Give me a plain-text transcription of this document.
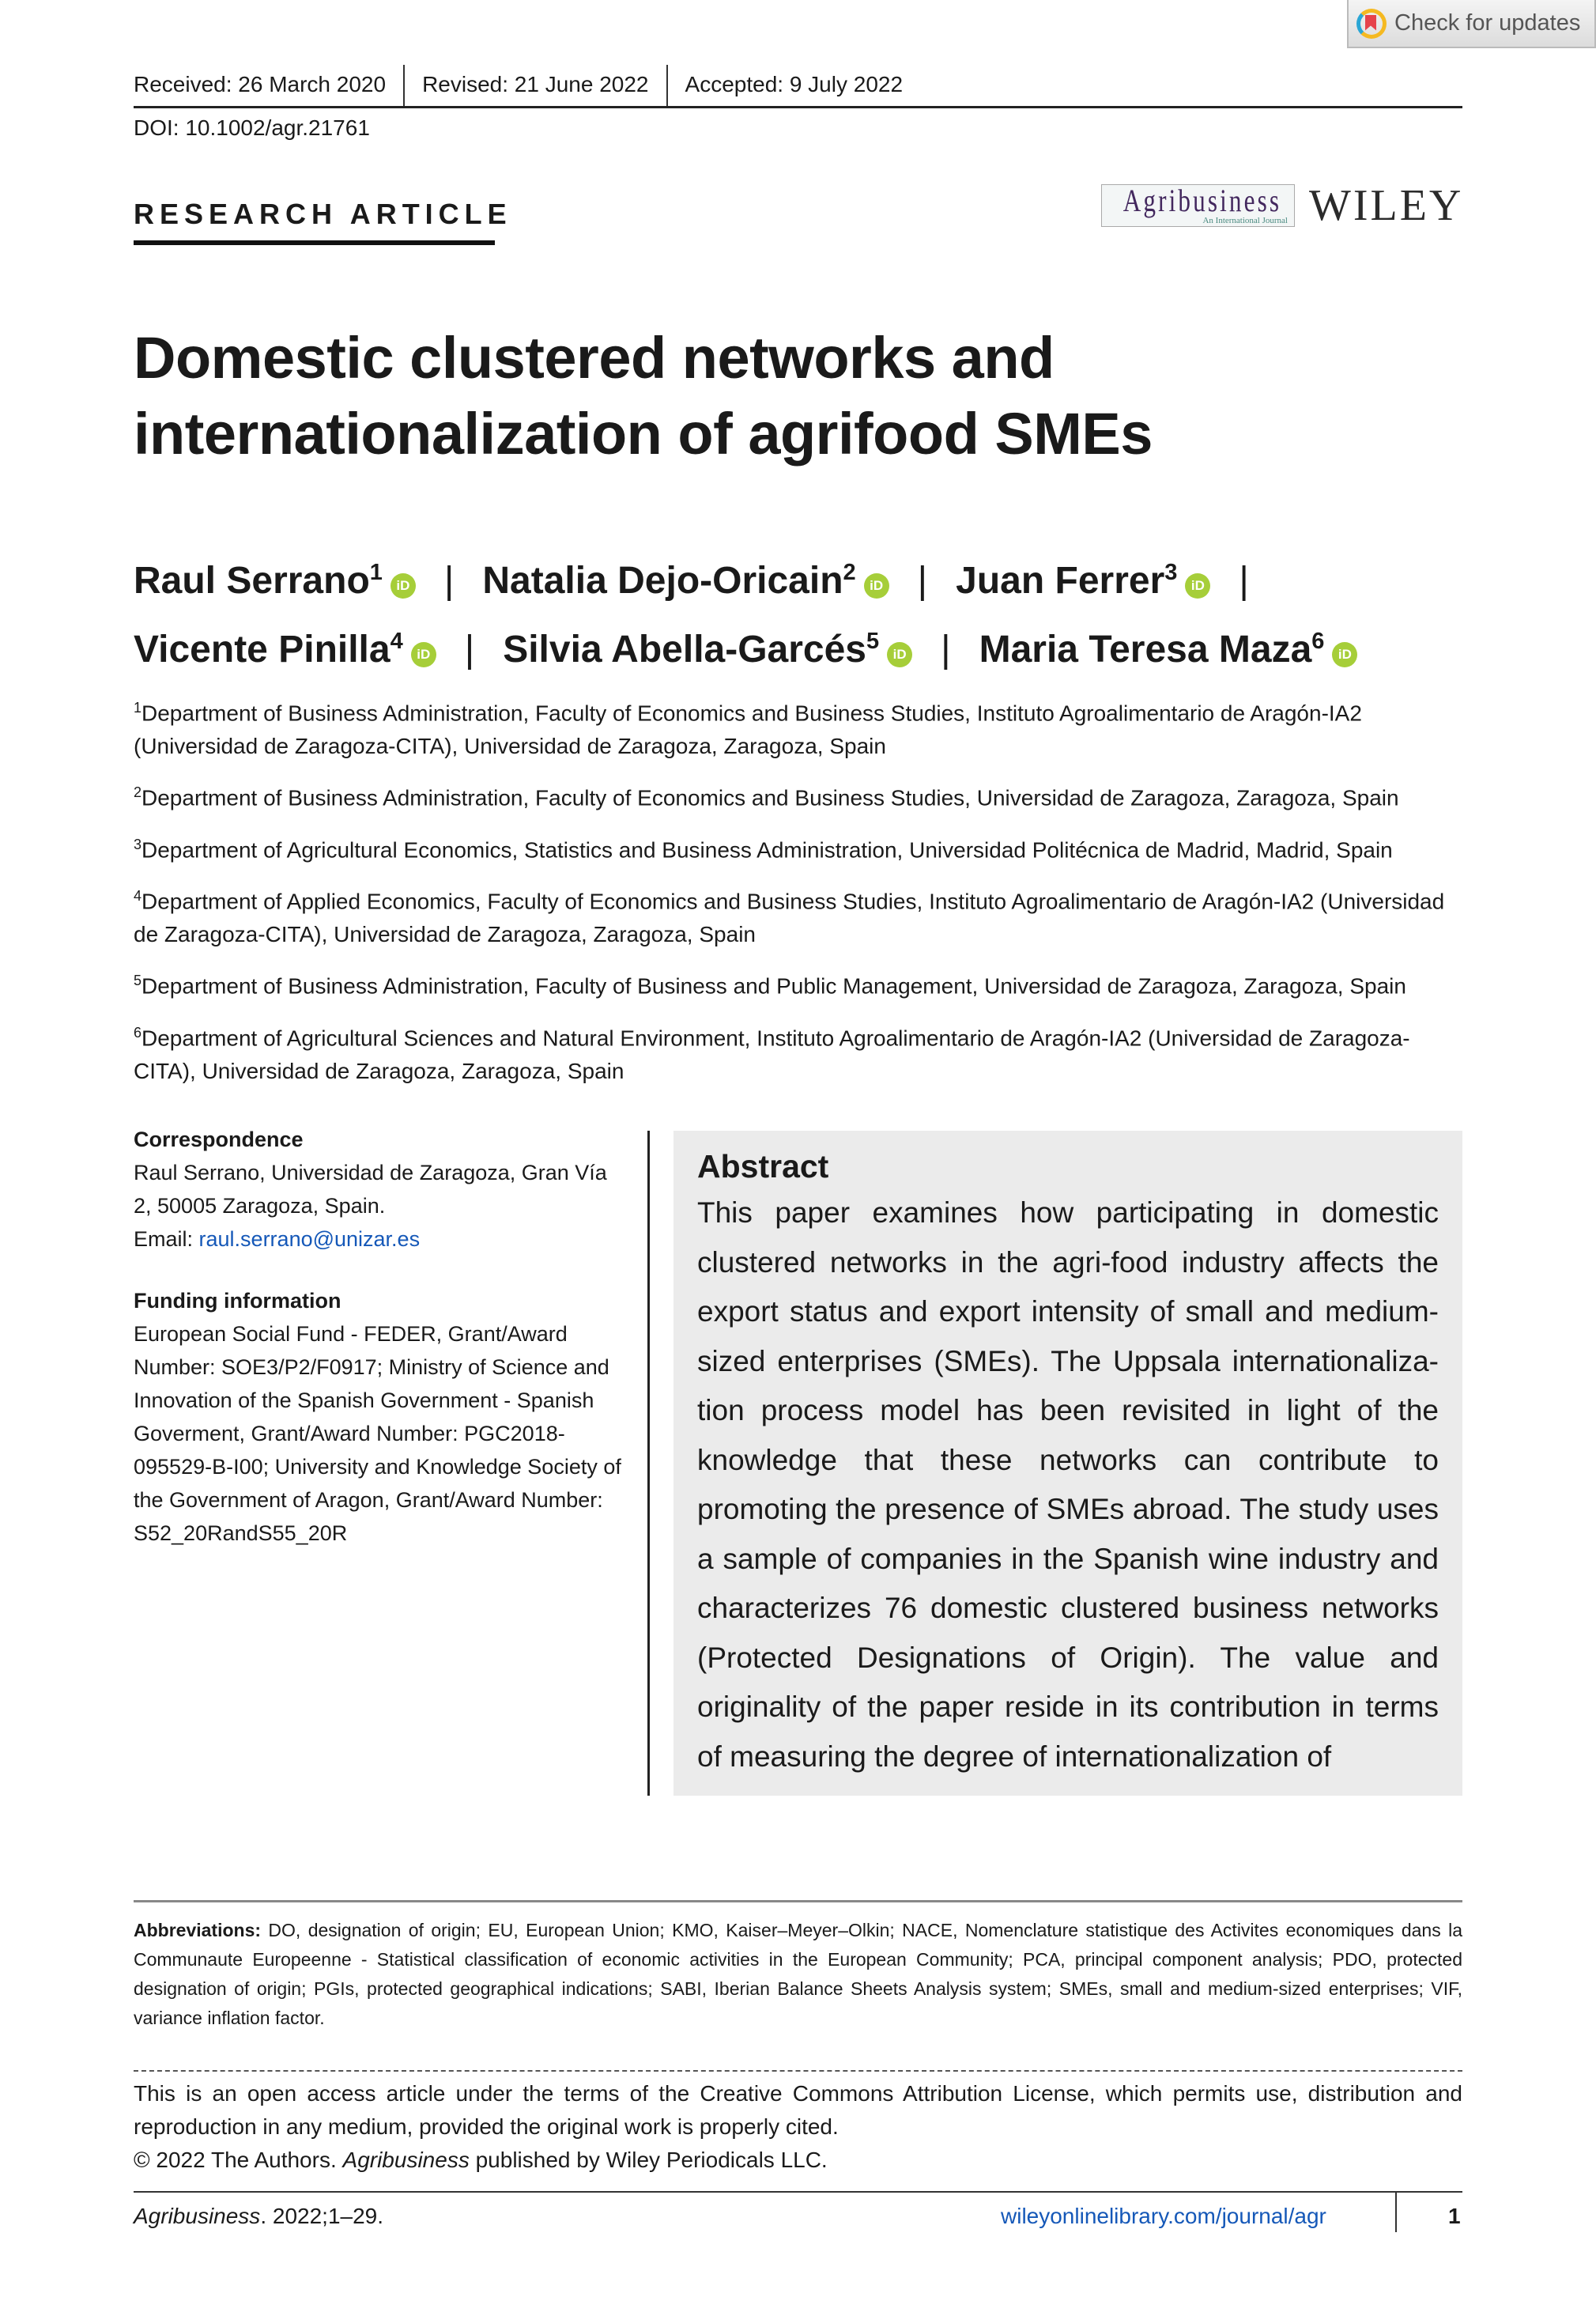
Check for updates
Received: 26 March 2020	Revised: 21 June 2022	Accepted: 9 July 2022
DOI: 10.1002/agr.21761
RESEARCH ARTICLE	Agribusiness
An International Journal WILEY
Domestic clustered networks and
internationalization of agrifood SMEs
Raul Serrano$^1$iD | Natalia Dejo-Oricain$^2$iD | Juan Ferrer$^3$iD |
Vicente Pinilla$^4$iD | Silvia Abella-Garcés$^5$iD | Maria Teresa Maza$^6$iD

$^1$Department of Business Administration, Faculty of Economics and Business Studies, Instituto Agroalimentario de Aragón-IA2 (Universidad de Zaragoza-CITA), Universidad de Zaragoza, Zaragoza, Spain

$^2$Department of Business Administration, Faculty of Economics and Business Studies, Universidad de Zaragoza, Zaragoza, Spain

$^3$Department of Agricultural Economics, Statistics and Business Administration, Universidad Politécnica de Madrid, Madrid, Spain

$^4$Department of Applied Economics, Faculty of Economics and Business Studies, Instituto Agroalimentario de Aragón-IA2 (Universidad de Zaragoza-CITA), Universidad de Zaragoza, Zaragoza, Spain

$^5$Department of Business Administration, Faculty of Business and Public Management, Universidad de Zaragoza, Zaragoza, Spain

$^6$Department of Agricultural Sciences and Natural Environment, Instituto Agroalimentario de Aragón-IA2 (Universidad de Zaragoza-CITA), Universidad de Zaragoza, Zaragoza, Spain

Correspondence

Raul Serrano, Universidad de Zaragoza, Gran Vía 2, 50005 Zaragoza, Spain.
Email: raul.serrano@unizar.es

Funding information

European Social Fund - FEDER, Grant/Award Number: SOE3/P2/F0917; Ministry of Science and Innovation of the Spanish Government - Spanish Goverment, Grant/Award Number: PGC2018-095529-B-I00; University and Knowledge Society of the Government of Aragon, Grant/Award Number: S52_20RandS55_20R

Abstract

This paper examines how participating in domestic clustered networks in the agri-food industry affects the export status and export intensity of small and medium-sized enterprises (SMEs). The Uppsala internationaliza-tion process model has been revisited in light of the knowledge that these networks can contribute to promoting the presence of SMEs abroad. The study uses a sample of companies in the Spanish wine industry and characterizes 76 domestic clustered business networks (Protected Designations of Origin). The value and originality of the paper reside in its contribution in terms of measuring the degree of internationalization of

Abbreviations: DO, designation of origin; EU, European Union; KMO, Kaiser–Meyer–Olkin; NACE, Nomenclature statistique des Activites economiques dans la Communaute Europeenne - Statistical classification of economic activities in the European Community; PCA, principal component analysis; PDO, protected designation of origin; PGIs, protected geographical indications; SABI, Iberian Balance Sheets Analysis system; SMEs, small and medium-sized enterprises; VIF, variance inflation factor.

This is an open access article under the terms of the Creative Commons Attribution License, which permits use, distribution and reproduction in any medium, provided the original work is properly cited.

© 2022 The Authors. Agribusiness published by Wiley Periodicals LLC.

Agribusiness. 2022;1–29.	wileyonlinelibrary.com/journal/agr	1
